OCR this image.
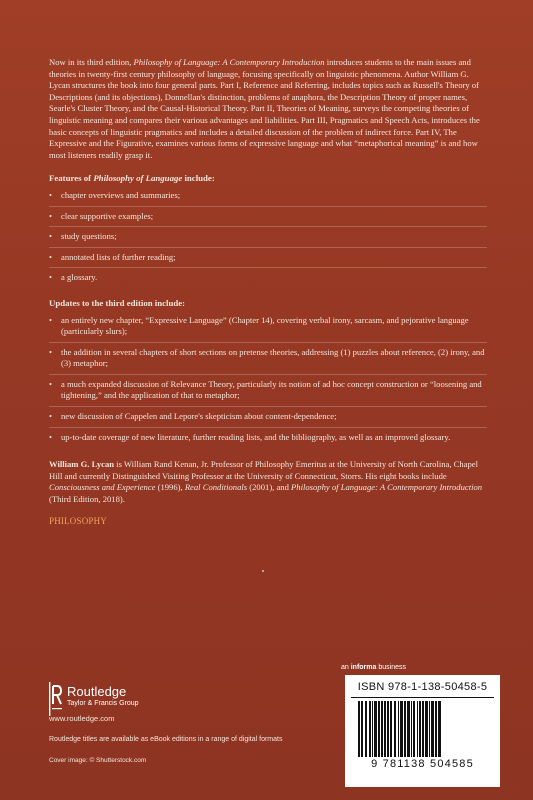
Now in its third edition, Philosophy of Language: A Contemporary Introduction introduces students to the main issues and theories in twenty-first century philosophy of language, focusing specifically on linguistic phenomena. Author William G. Lycan structures the book into four general parts. Part I, Reference and Referring, includes topics such as Russell's Theory of Descriptions (and its objections), Donnellan's distinction, problems of anaphora, the Description Theory of proper names, Searle's Cluster Theory, and the Causal-Historical Theory. Part II, Theories of Meaning, surveys the competing theories of linguistic meaning and compares their various advantages and liabilities. Part III, Pragmatics and Speech Acts, introduces the basic concepts of linguistic pragmatics and includes a detailed discussion of the problem of indirect force. Part IV, The Expressive and the Figurative, examines various forms of expressive language and what “metaphorical meaning” is and how most listeners readily grasp it.

Features of Philosophy of Language include:
• chapter overviews and summaries;
• clear supportive examples;
• study questions;
• annotated lists of further reading;
• a glossary.
Updates to the third edition include:
• an entirely new chapter, “Expressive Language” (Chapter 14), covering verbal irony, sarcasm, and pejorative language (particularly slurs);
• the addition in several chapters of short sections on pretense theories, addressing (1) puzzles about reference, (2) irony, and (3) metaphor;
• a much expanded discussion of Relevance Theory, particularly its notion of ad hoc concept construction or “loosening and tightening,” and the application of that to metaphor;
• new discussion of Cappelen and Lepore's skepticism about content-dependence;
• up-to-date coverage of new literature, further reading lists, and the bibliography, as well as an improved glossary.

William G. Lycan is William Rand Kenan, Jr. Professor of Philosophy Emeritus at the University of North Carolina, Chapel Hill and currently Distinguished Visiting Professor at the University of Connecticut, Storrs. His eight books include Consciousness and Experience (1996), Real Conditionals (2001), and Philosophy of Language: A Contemporary Introduction (Third Edition, 2018).

PHILOSOPHY
Routledge
Taylor & Francis Group
www.routledge.com
Routledge titles are available as eBook editions in a range of digital formats
Cover image: © Shutterstock.com
an informa business
ISBN 978-1-138-50458-5
9 781138 504585
